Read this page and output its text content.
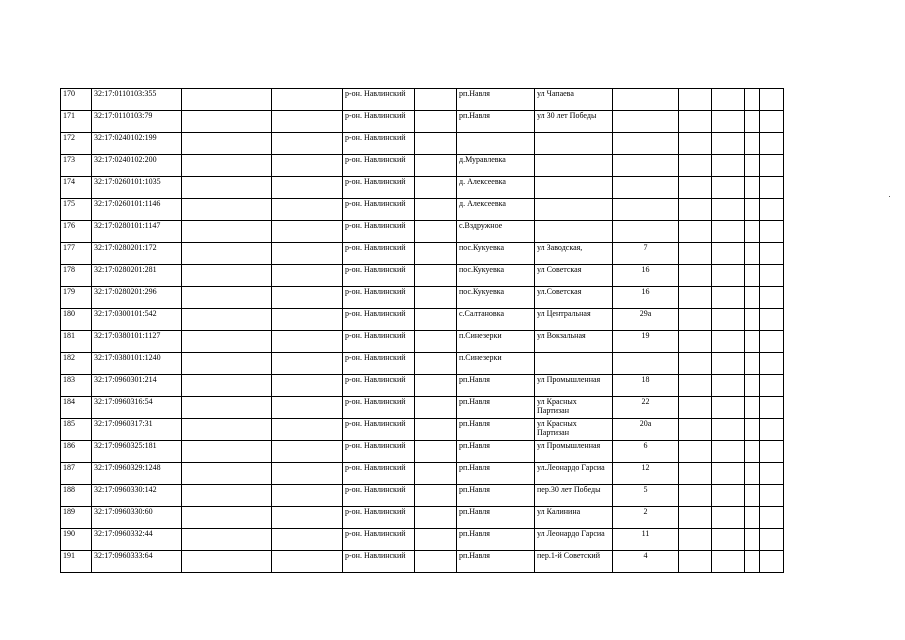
170	32:17:0110103:355			р-он. Навлинский		рп.Навля	ул Чапаева					
171	32:17:0110103:79			р-он. Навлинский		рп.Навля	ул 30 лет Победы					
172	32:17:0240102:199			р-он. Навлинский								
173	32:17:0240102:200			р-он. Навлинский		д.Муравлевка						
174	32:17:0260101:1035			р-он. Навлинский		д. Алексеевка						
175	32:17:0260101:1146			р-он. Навлинский		д. Алексеевка						
176	32:17:0280101:1147			р-он. Навлинский		с.Вздружное						
177	32:17:0280201:172			р-он. Навлинский		пос.Кукуевка	ул Заводская,	7				
178	32:17:0280201:281			р-он. Навлинский		пос.Кукуевка	ул Советская	16				
179	32:17:0280201:296			р-он. Навлинский		пос.Кукуевка	ул.Советская	16				
180	32:17:0300101:542			р-он. Навлинский		с.Салтановка	ул Центральная	29а				
181	32:17:0380101:1127			р-он. Навлинский		п.Синезерки	ул Вокзальная	19				
182	32:17:0380101:1240			р-он. Навлинский		п.Синезерки						
183	32:17:0960301:214			р-он. Навлинский		рп.Навля	ул Промышленная	18				
184	32:17:0960316:54			р-он. Навлинский		рп.Навля	ул Красных Партизан	22				
185	32:17:0960317:31			р-он. Навлинский		рп.Навля	ул Красных Партизан	20а				
186	32:17:0960325:181			р-он. Навлинский		рп.Навля	ул Промышленная	6				
187	32:17:0960329:1248			р-он. Навлинский		рп.Навля	ул.Леонардо Гарсиа	12				
188	32:17:0960330:142			р-он. Навлинский		рп.Навля	пер.30 лет Победы	5				
189	32:17:0960330:60			р-он. Навлинский		рп.Навля	ул Калинина	2				
190	32:17:0960332:44			р-он. Навлинский		рп.Навля	ул Леонардо Гарсиа	11				
191	32:17:0960333:64			р-он. Навлинский		рп.Навля	пер.1-й Советский	4				
